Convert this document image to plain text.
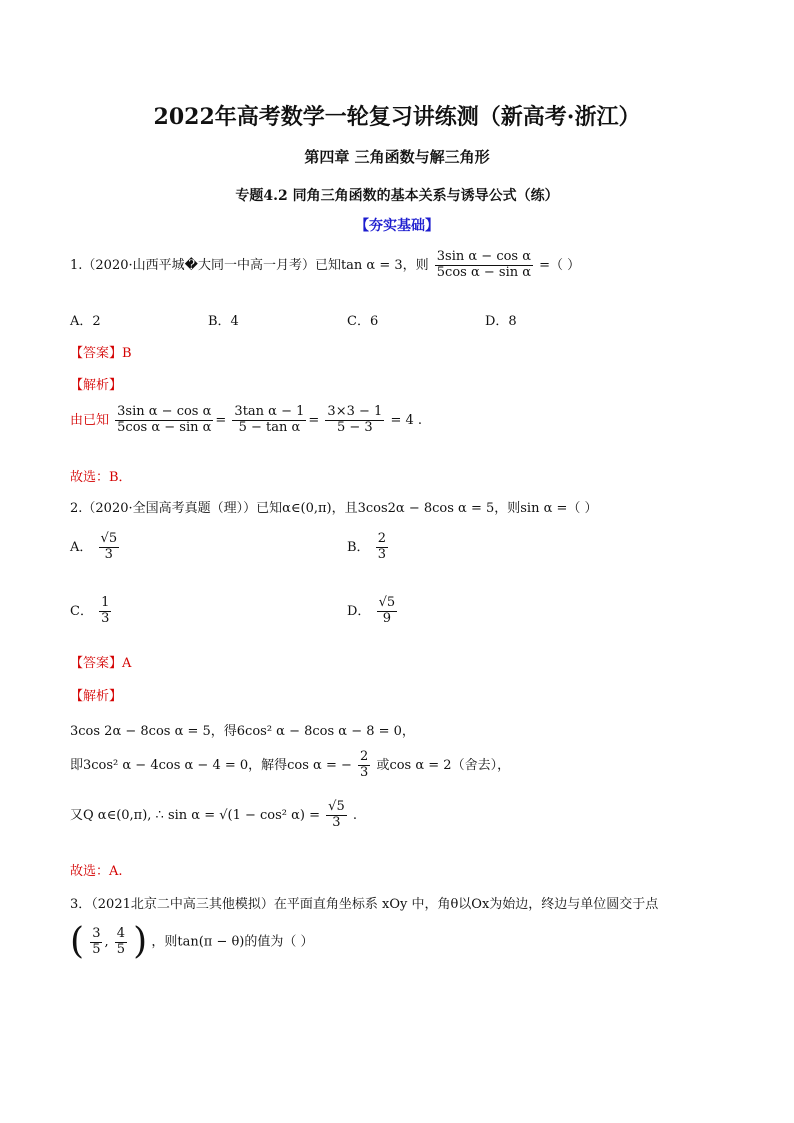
2022年高考数学一轮复习讲练测（新高考·浙江）
第四章 三角函数与解三角形
专题4.2 同角三角函数的基本关系与诱导公式（练）
【夯实基础】
1.（2020·山西平城�大同一中高一月考）已知tan α = 3，则 $\frac{\text{3sin α − cos α}}{\text{5cos α − sin α}}$ =（ ）
A．2	B．4	C．6	D．8
【答案】B
【解析】
由已知 $\frac{\text{3sin α − cos α}}{\text{5cos α − sin α}} = \frac{\text{3tan α − 1}}{\text{5 − tan α}} = \frac{3\times 3 - 1}{5 - 3} = 4$ .
故选：B．
2.（2020·全国高考真题（理））已知α∈(0,π)，且3cos2α − 8cos α = 5，则sin α =（ ）
A． $\frac{√5}{3}$	B． $\frac{2}{3}$
C． $\frac{1}{3}$	D． $\frac{√5}{9}$
【答案】A
【解析】
3cos 2α − 8cos α = 5，得6cos² α − 8cos α − 8 = 0，
即3cos² α − 4cos α − 4 = 0，解得cos α = − $\frac{2}{3}$ 或cos α = 2（舍去），
又Q α∈(0,π), ∴ sin α = √(1 − cos² $\alpha) = \frac{√5}{3}$ .
故选：A.
3．（2021北京二中高三其他模拟）在平面直角坐标系 xOy 中，角θ以Ox为始边，终边与单位圆交于点
( $\frac{3}{5}$ , $\frac{4}{5}$ ) ，则tan(π − θ)的值为（ ）
